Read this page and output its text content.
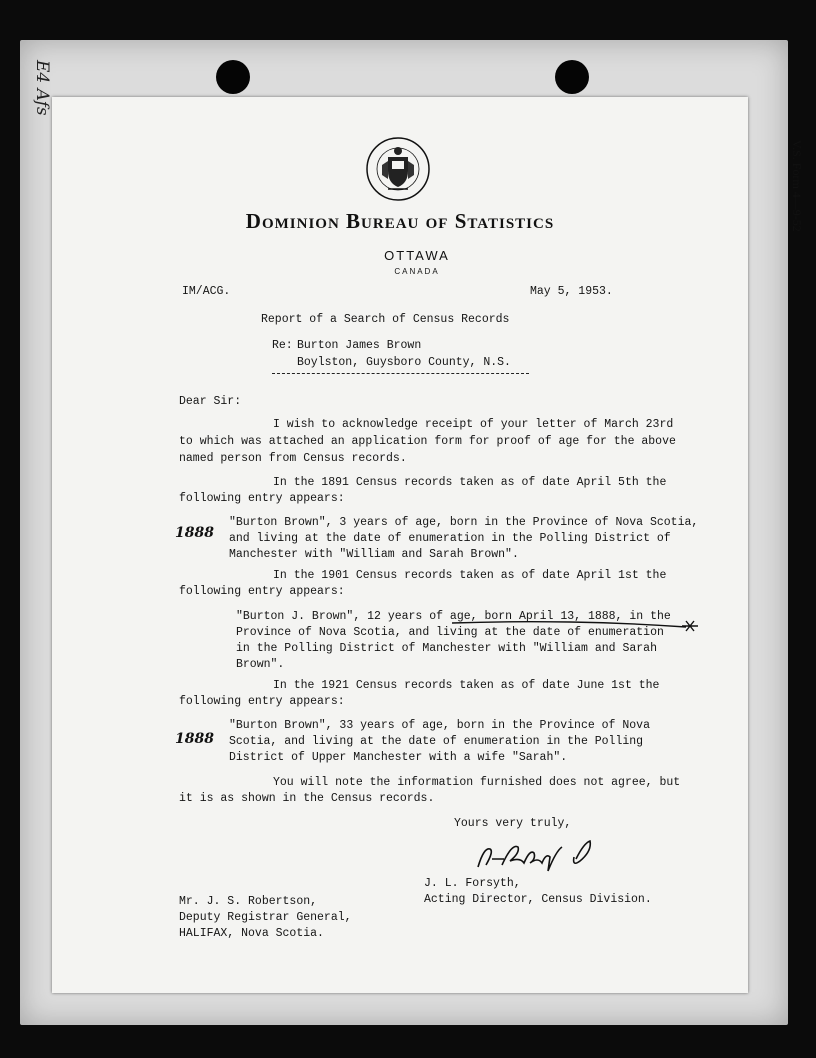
E4 Afs
V.S. Form 4—9-52
Dominion Bureau of Statistics
OTTAWA
CANADA
IM/ACG.	May 5, 1953.
Report of a Search of Census Records
Re: Burton James Brown
Boylston, Guysboro County, N.S.
Dear Sir:
I wish to acknowledge receipt of your letter of March 23rd
to which was attached an application form for proof of age for the above
named person from Census records.
In the 1891 Census records taken as of date April 5th the
following entry appears:
1888
"Burton Brown", 3 years of age, born in the Province of Nova Scotia,
and living at the date of enumeration in the Polling District of
Manchester with "William and Sarah Brown".
In the 1901 Census records taken as of date April 1st the
following entry appears:
"Burton J. Brown", 12 years of age, born April 13, 1888, in the
Province of Nova Scotia, and living at the date of enumeration
in the Polling District of Manchester with "William and Sarah
Brown".
In the 1921 Census records taken as of date June 1st the
following entry appears:
1888
"Burton Brown", 33 years of age, born in the Province of Nova
Scotia, and living at the date of enumeration in the Polling
District of Upper Manchester with a wife "Sarah".
You will note the information furnished does not agree, but
it is as shown in the Census records.
Yours very truly,
J. L. Forsyth,
Acting Director, Census Division.
Mr. J. S. Robertson,
Deputy Registrar General,
HALIFAX, Nova Scotia.
